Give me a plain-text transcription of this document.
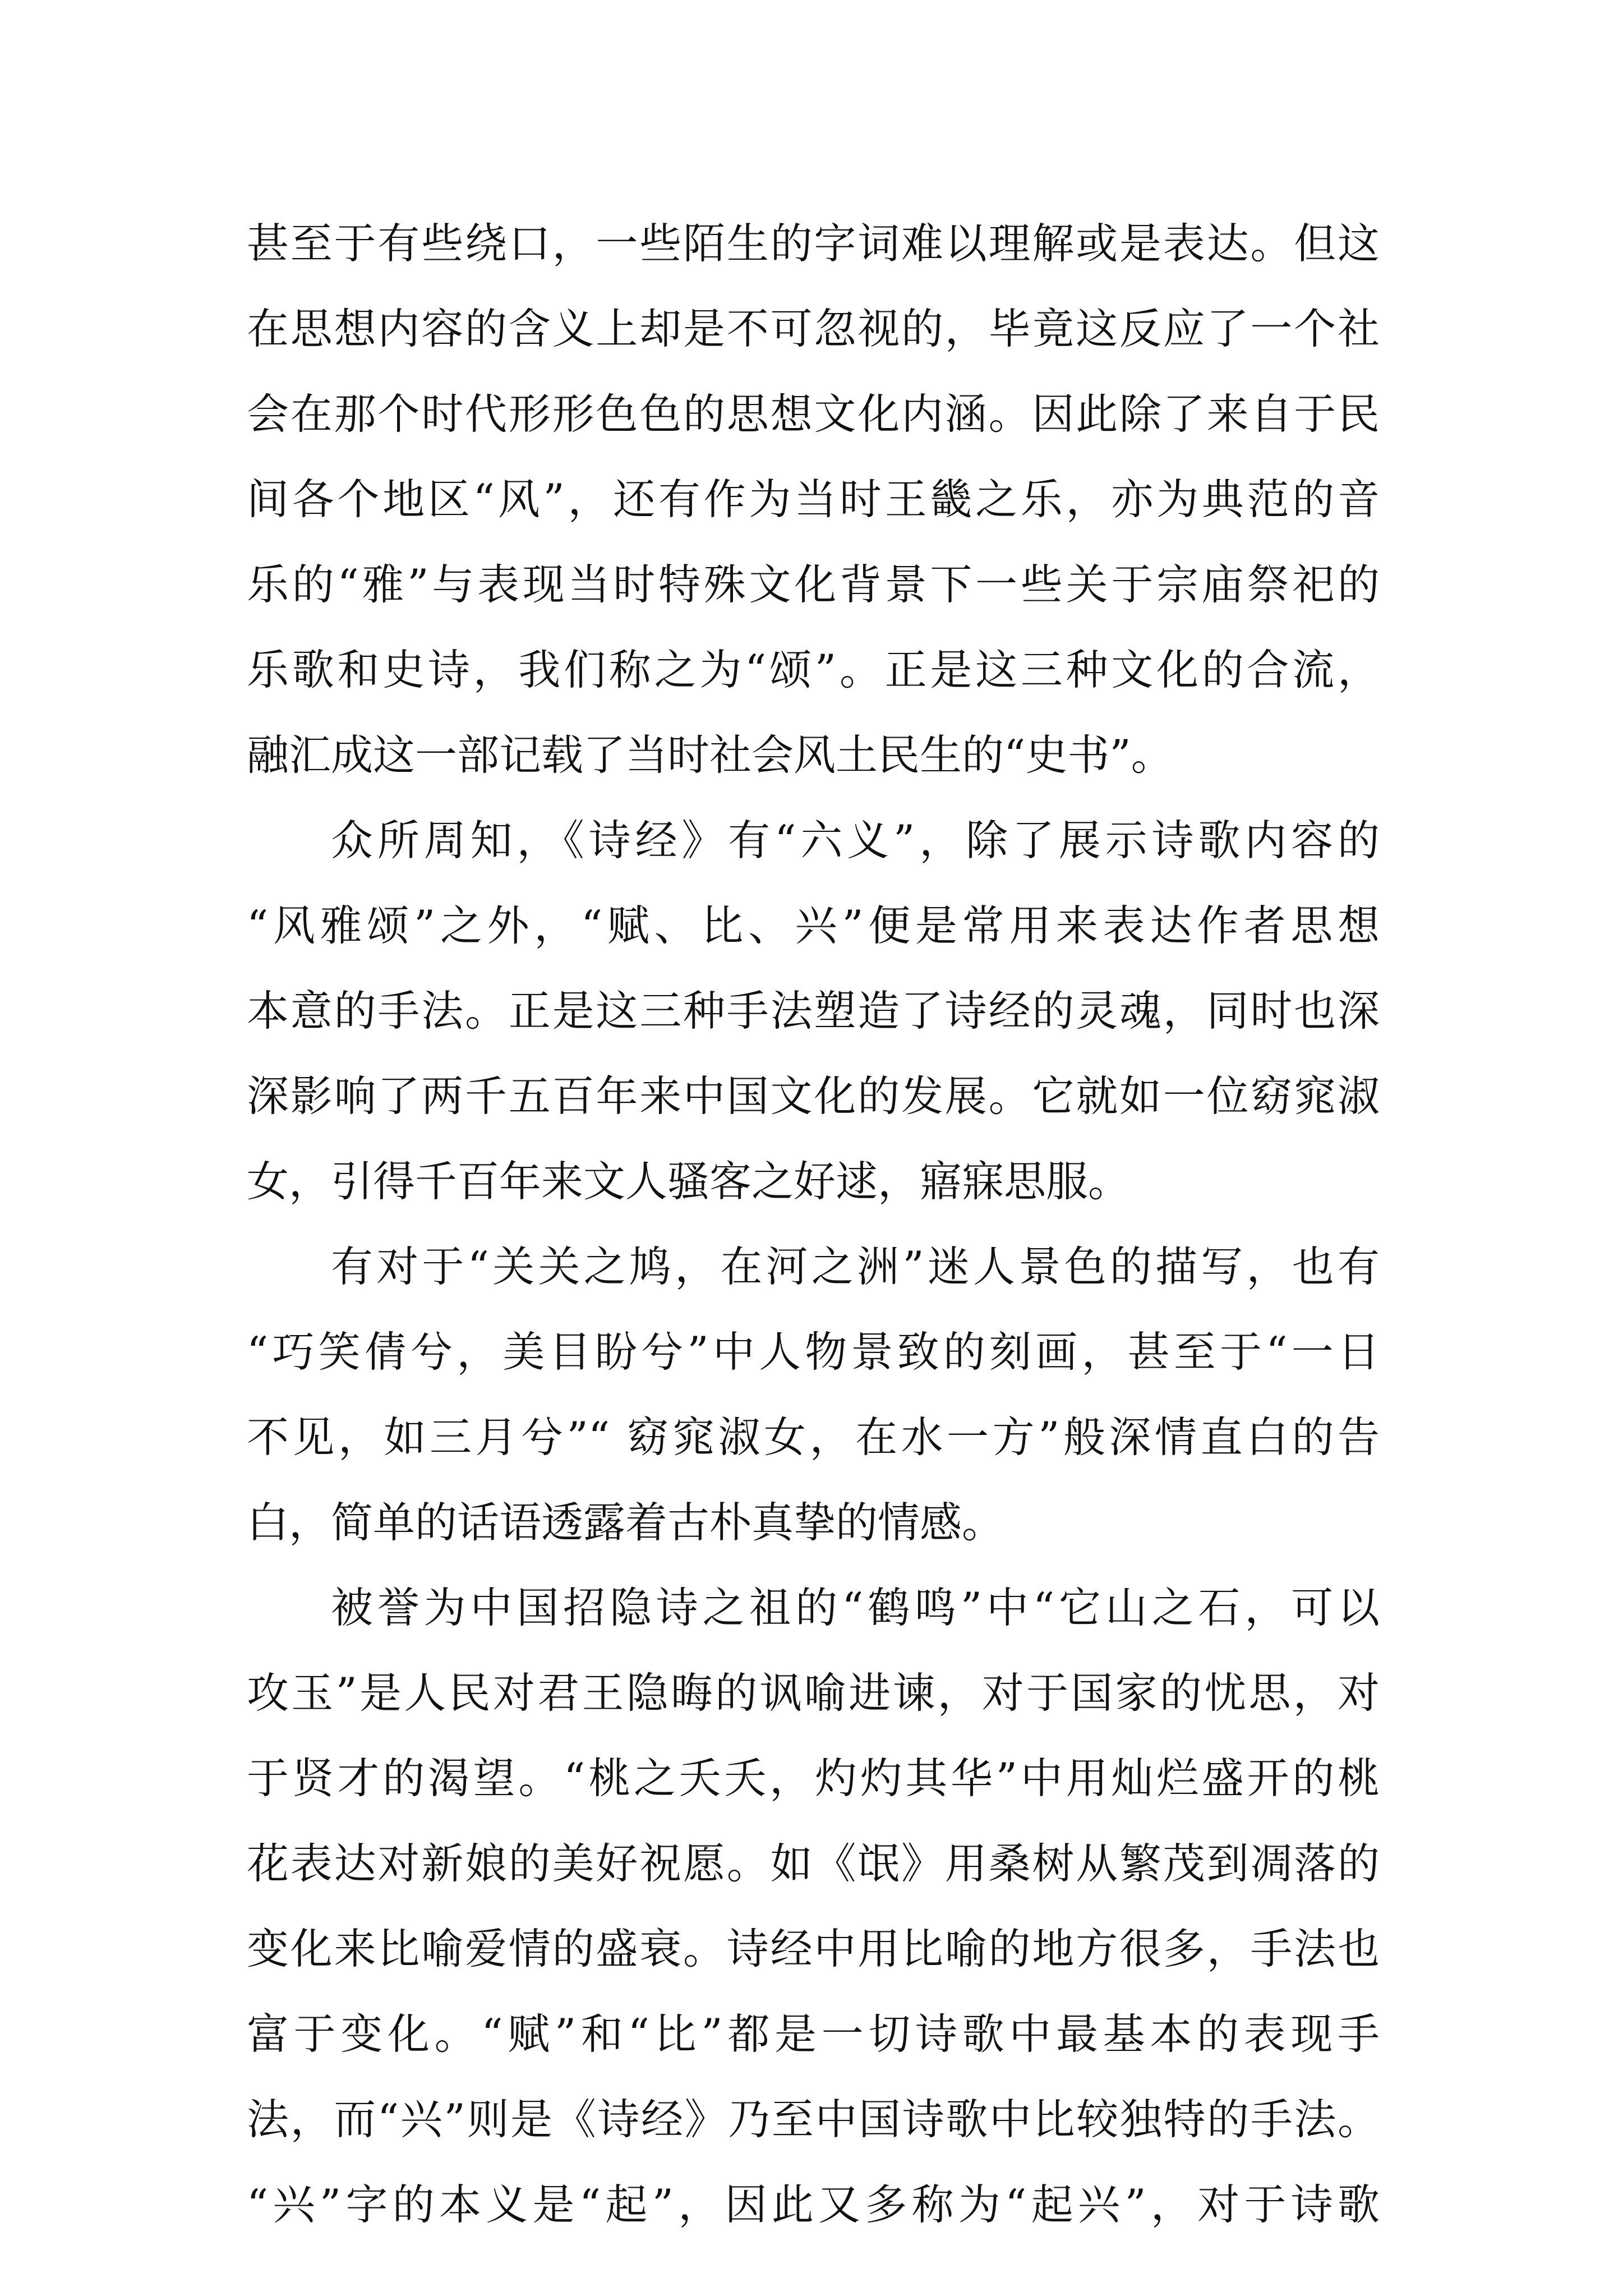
甚至于有些绕口，一些陌生的字词难以理解或是表达。但这
在思想内容的含义上却是不可忽视的，毕竟这反应了一个社
会在那个时代形形色色的思想文化内涵。因此除了来自于民
间各个地区“风”，还有作为当时王畿之乐，亦为典范的音
乐的“雅”与表现当时特殊文化背景下一些关于宗庙祭祀的
乐歌和史诗，我们称之为“颂”。正是这三种文化的合流，
融汇成这一部记载了当时社会风土民生的“史书”。
众所周知，《诗经》有“六义”，除了展示诗歌内容的
“风雅颂”之外，“赋、比、兴”便是常用来表达作者思想
本意的手法。正是这三种手法塑造了诗经的灵魂，同时也深
深影响了两千五百年来中国文化的发展。它就如一位窈窕淑
女，引得千百年来文人骚客之好逑，寤寐思服。
有对于“关关之鸠，在河之洲”迷人景色的描写，也有
“巧笑倩兮，美目盼兮”中人物景致的刻画，甚至于“一日
不见，如三月兮”“ 窈窕淑女，在水一方”般深情直白的告
白，简单的话语透露着古朴真挚的情感。
被誉为中国招隐诗之祖的“鹤鸣”中“它山之石，可以
攻玉”是人民对君王隐晦的讽喻进谏，对于国家的忧思，对
于贤才的渴望。“桃之夭夭，灼灼其华”中用灿烂盛开的桃
花表达对新娘的美好祝愿。如《氓》用桑树从繁茂到凋落的
变化来比喻爱情的盛衰。诗经中用比喻的地方很多，手法也
富于变化。“赋”和“比”都是一切诗歌中最基本的表现手
法，而“兴”则是《诗经》乃至中国诗歌中比较独特的手法。
“兴”字的本义是“起”，因此又多称为“起兴”，对于诗歌
